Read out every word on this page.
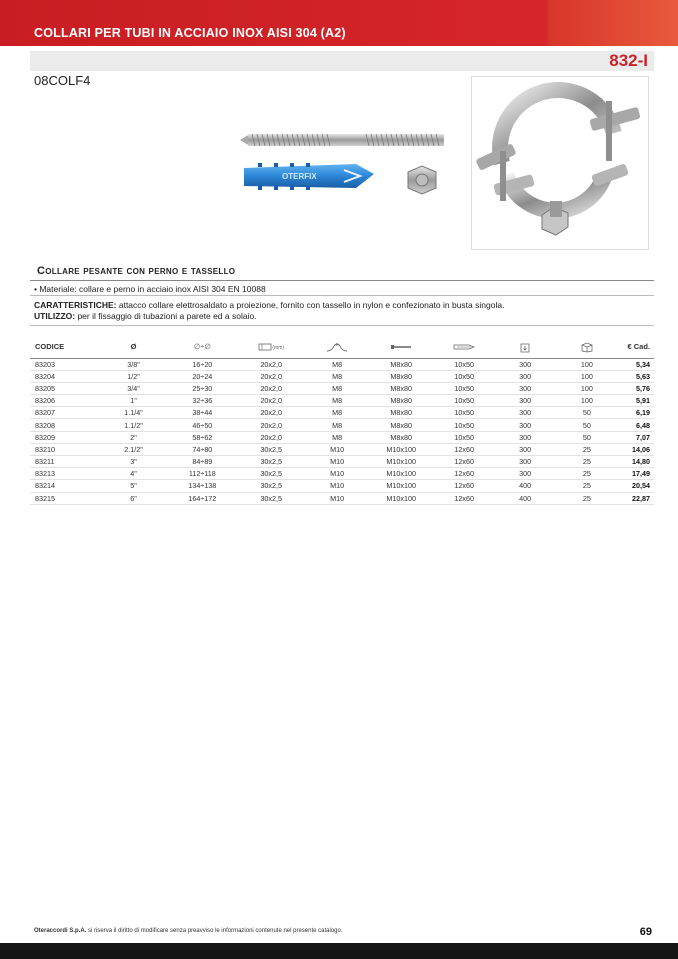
COLLARI PER TUBI IN ACCIAIO INOX AISI 304 (A2)
832-I
08COLF4
OTERFIX
Collare pesante con perno e tassello
• Materiale: collare e perno in acciaio inox AISI 304 EN 10088
CARATTERISTICHE: attacco collare elettrosaldato a proiezione, fornito con tassello in nylon e confezionato in busta singola.
UTILIZZO: per il fissaggio di tubazioni a parete ed a solaio.
CODICE	Ø	∅÷∅	(mm)						€ Cad.
83203	3/8"	16÷20	20x2,0	M8	M8x80	10x50	300	100	5,34
83204	1/2"	20÷24	20x2,0	M8	M8x80	10x50	300	100	5,63
83205	3/4"	25÷30	20x2,0	M8	M8x80	10x50	300	100	5,76
83206	1"	32÷36	20x2,0	M8	M8x80	10x50	300	100	5,91
83207	1.1/4"	38÷44	20x2,0	M8	M8x80	10x50	300	50	6,19
83208	1.1/2"	46÷50	20x2,0	M8	M8x80	10x50	300	50	6,48
83209	2"	58÷62	20x2,0	M8	M8x80	10x50	300	50	7,07
83210	2.1/2"	74÷80	30x2,5	M10	M10x100	12x60	300	25	14,06
83211	3"	84÷89	30x2,5	M10	M10x100	12x60	300	25	14,80
83213	4"	112÷118	30x2,5	M10	M10x100	12x60	300	25	17,49
83214	5"	134÷138	30x2,5	M10	M10x100	12x60	400	25	20,54
83215	6"	164÷172	30x2,5	M10	M10x100	12x60	400	25	22,87
Oteraccordi S.p.A. si riserva il diritto di modificare senza preavviso le informazioni contenute nel presente catalogo.	69
